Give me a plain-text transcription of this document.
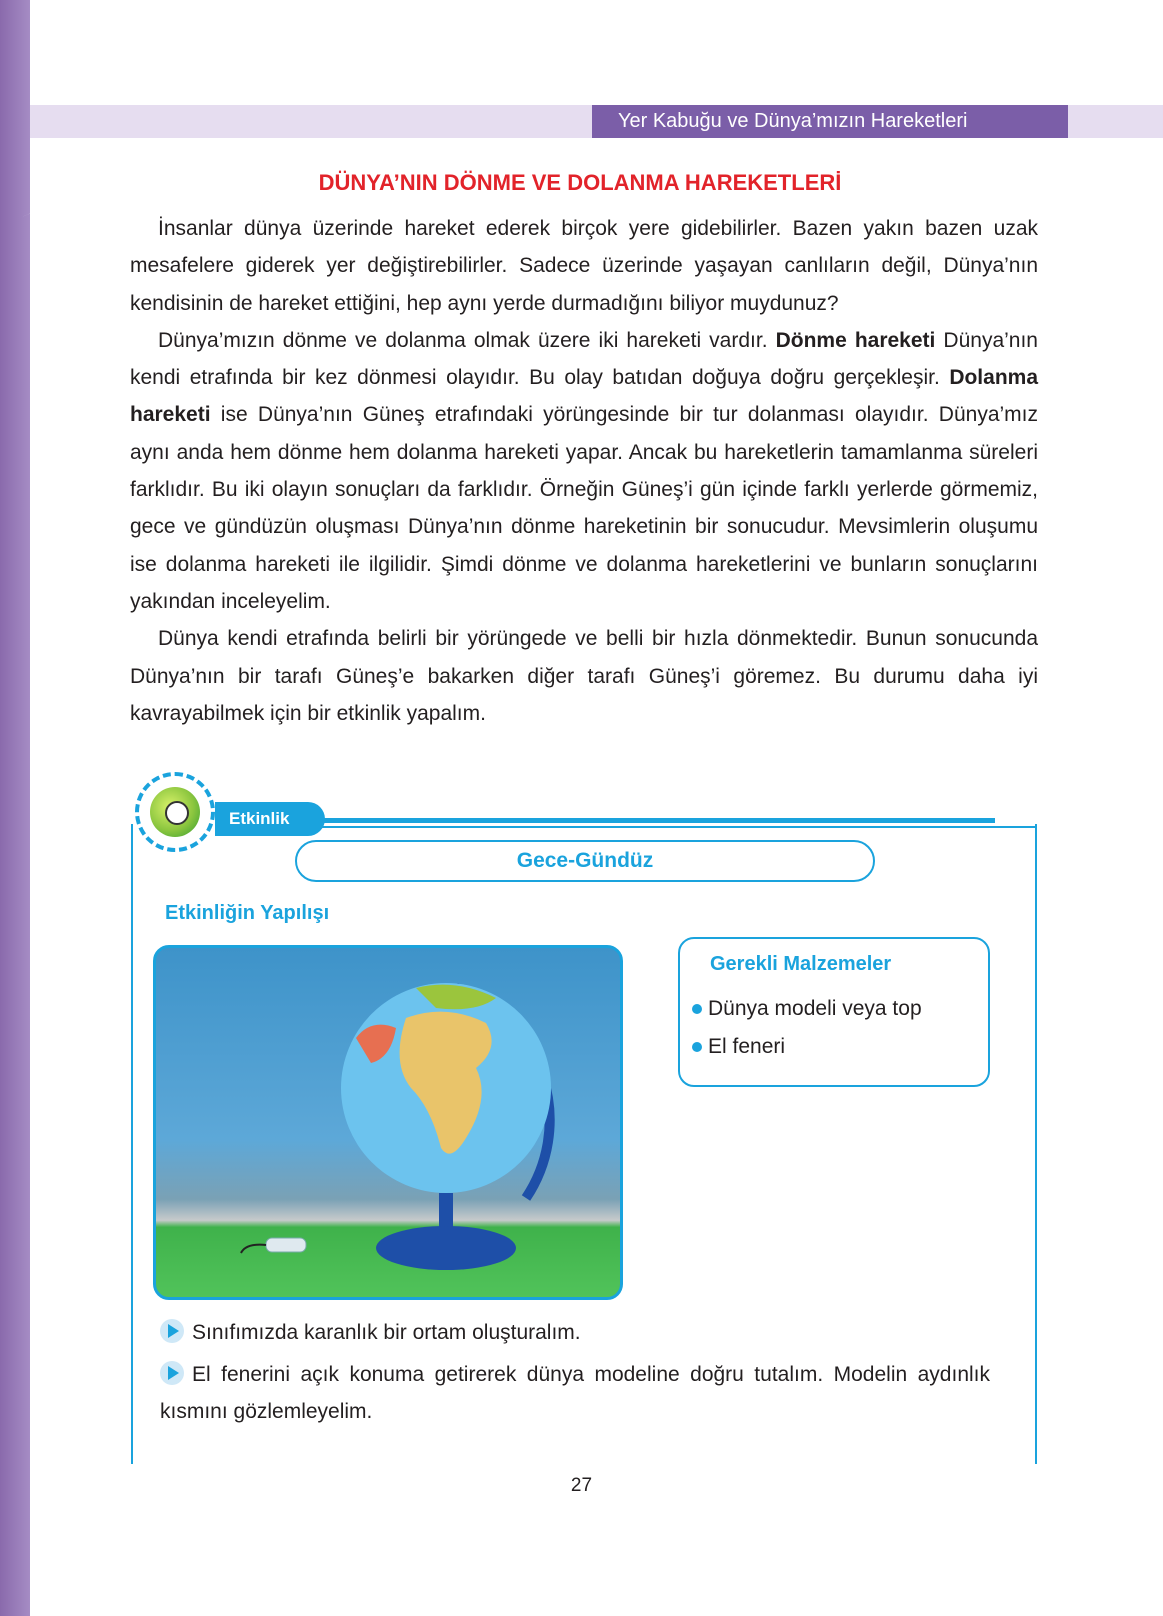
Yer Kabuğu ve Dünya’mızın Hareketleri
DÜNYA’NIN DÖNME VE DOLANMA HAREKETLERİ

İnsanlar dünya üzerinde hareket ederek birçok yere gidebilirler. Bazen yakın bazen uzak mesafelere giderek yer değiştirebilirler. Sadece üzerinde yaşayan canlıların değil, Dünya’nın kendisinin de hareket ettiğini, hep aynı yerde durmadığını biliyor muydunuz?

Dünya’mızın dönme ve dolanma olmak üzere iki hareketi vardır. Dönme hareketi Dünya’nın kendi etrafında bir kez dönmesi olayıdır. Bu olay batıdan doğuya doğru gerçekleşir. Dolanma hareketi ise Dünya’nın Güneş etrafındaki yörüngesinde bir tur dolanması olayıdır. Dünya’mız aynı anda hem dönme hem dolanma hareketi yapar. Ancak bu hareketlerin tamamlanma süreleri farklıdır. Bu iki olayın sonuçları da farklıdır. Örneğin Güneş’i gün içinde farklı yerlerde görmemiz, gece ve gündüzün oluşması Dünya’nın dönme hareketinin bir sonucudur. Mevsimlerin oluşumu ise dolanma hareketi ile ilgilidir. Şimdi dönme ve dolanma hareketlerini ve bunların sonuçlarını yakından inceleyelim.

Dünya kendi etrafında belirli bir yörüngede ve belli bir hızla dönmektedir. Bunun sonucunda Dünya’nın bir tarafı Güneş’e bakarken diğer tarafı Güneş’i göremez. Bu durumu daha iyi kavrayabilmek için bir etkinlik yapalım.

Etkinlik
Gece-Gündüz
Etkinliğin Yapılışı
Gerekli Malzemeler
Dünya modeli veya top
El feneri
Sınıfımızda karanlık bir ortam oluşturalım.
El fenerini açık konuma getirerek dünya modeline doğru tutalım. Modelin aydınlık kısmını gözlemleyelim.
27
